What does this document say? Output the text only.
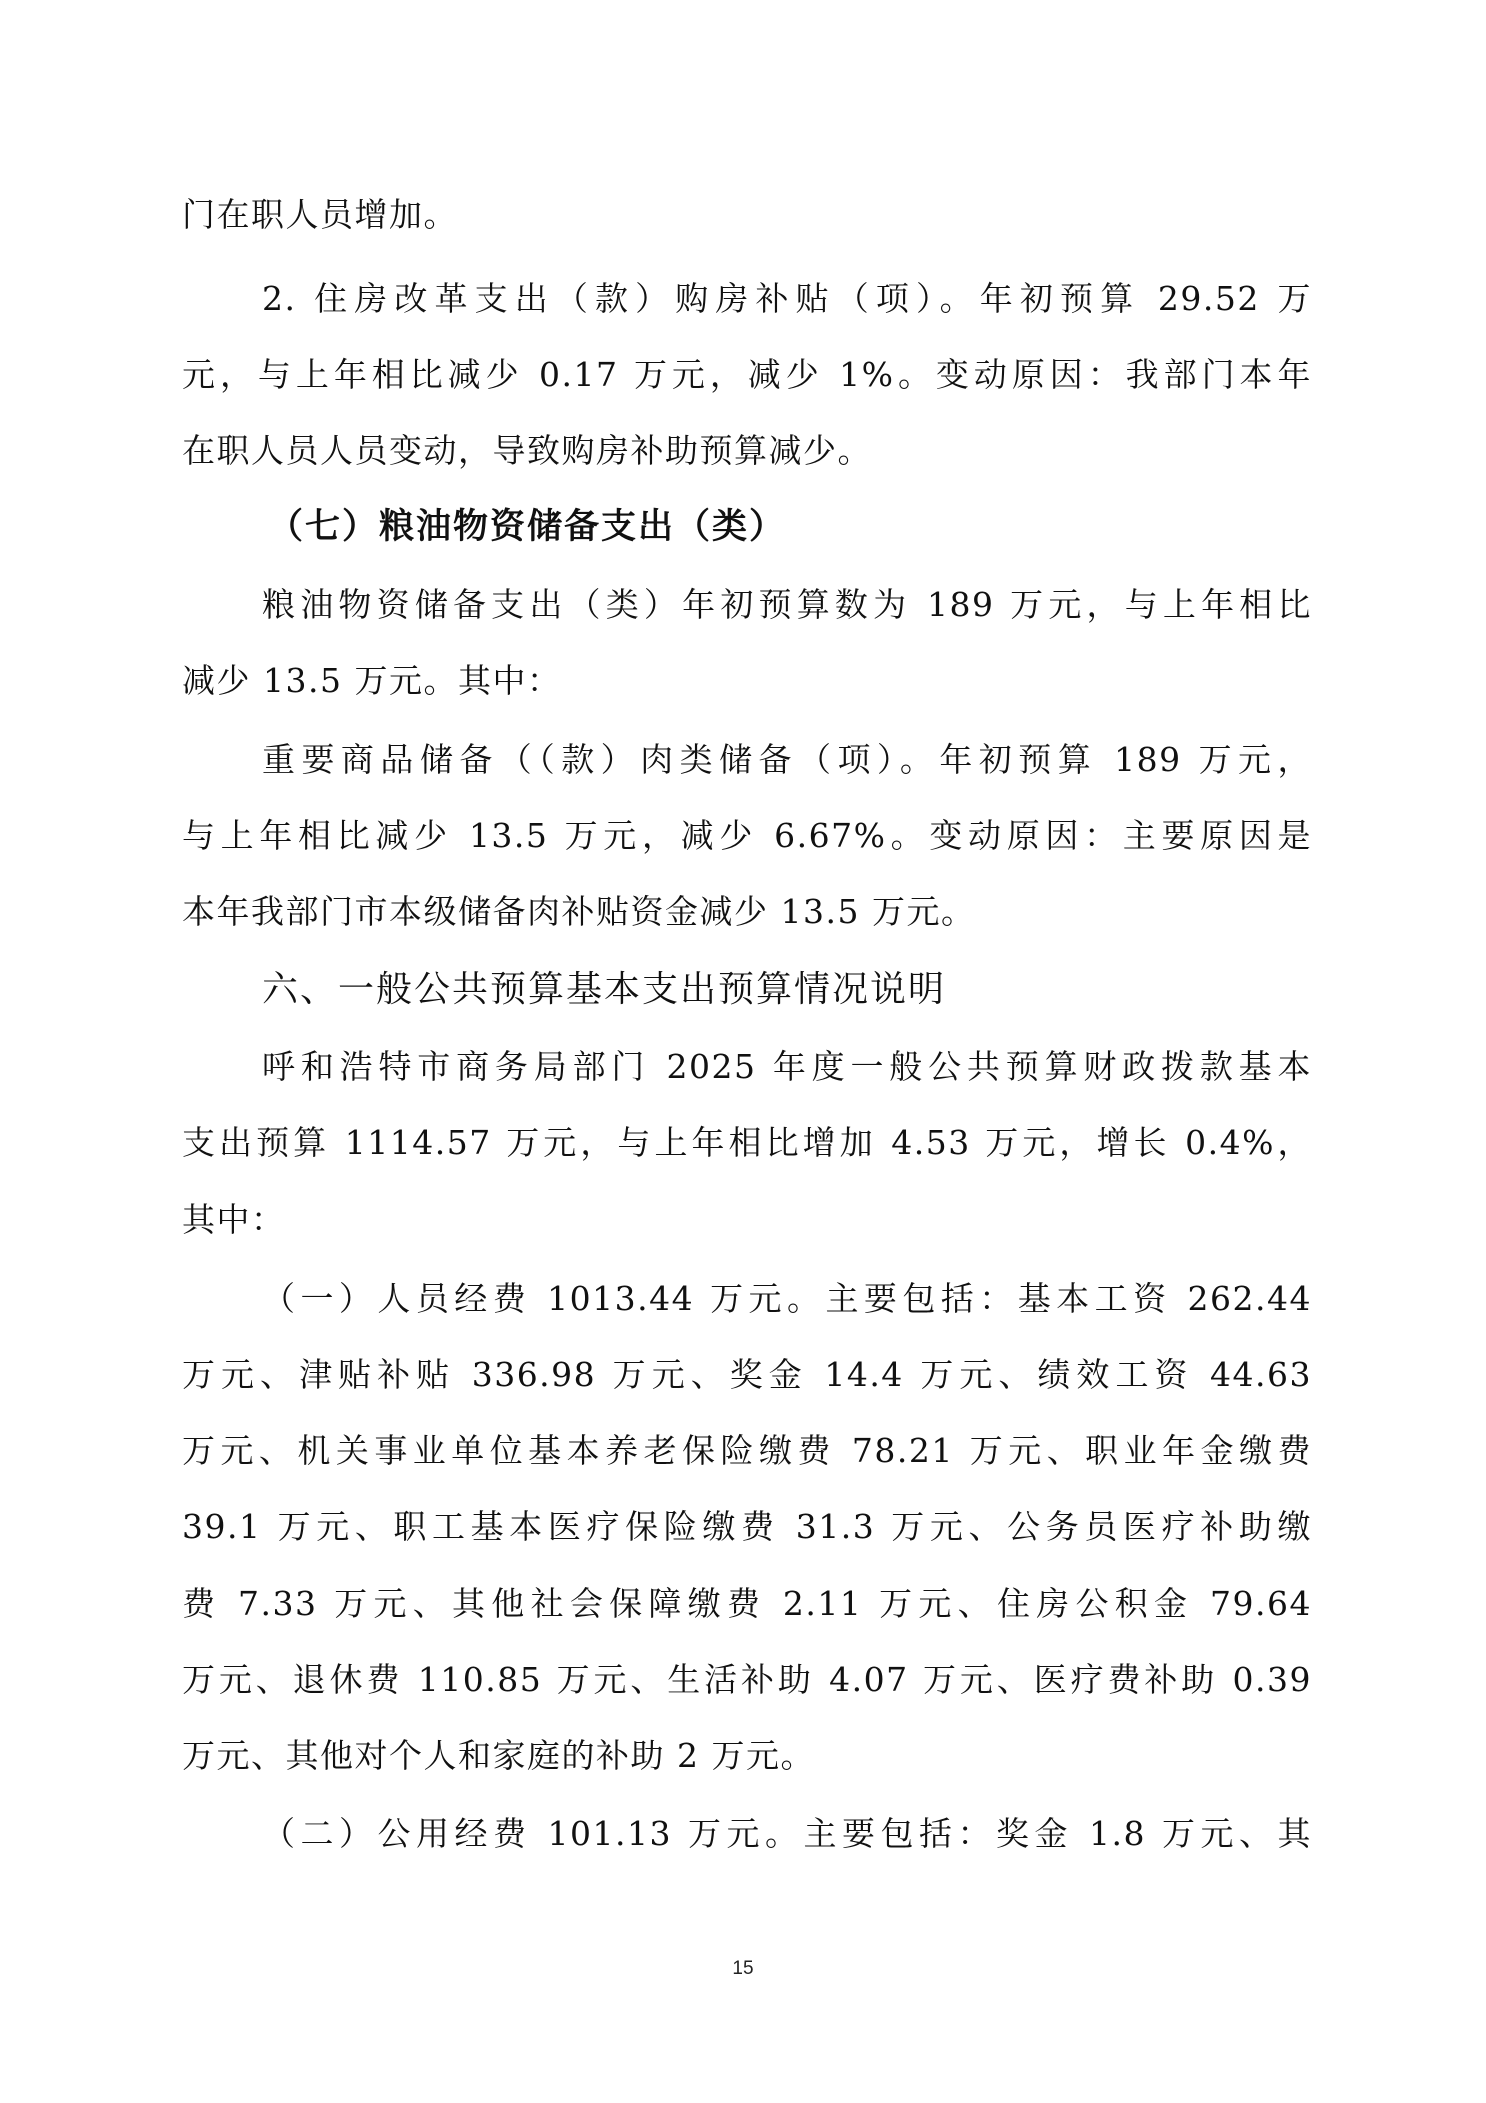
门在职人员增加。
2. 住房改革支出（款）购房补贴（项）。年初预算 29.52 万
元，与上年相比减少 0.17 万元，减少 1%。变动原因：我部门本年
在职人员人员变动，导致购房补助预算减少。
（七）粮油物资储备支出（类）
粮油物资储备支出（类）年初预算数为 189 万元，与上年相比
减少 13.5 万元。其中：
重要商品储备（（款）肉类储备（项）。年初预算 189 万元，
与上年相比减少 13.5 万元，减少 6.67%。变动原因：主要原因是
本年我部门市本级储备肉补贴资金减少 13.5 万元。
六、一般公共预算基本支出预算情况说明
呼和浩特市商务局部门 2025 年度一般公共预算财政拨款基本
支出预算 1114.57 万元，与上年相比增加 4.53 万元，增长 0.4%，
其中：
（一）人员经费 1013.44 万元。主要包括：基本工资 262.44
万元、津贴补贴 336.98 万元、奖金 14.4 万元、绩效工资 44.63
万元、机关事业单位基本养老保险缴费 78.21 万元、职业年金缴费
39.1 万元、职工基本医疗保险缴费 31.3 万元、公务员医疗补助缴
费 7.33 万元、其他社会保障缴费 2.11 万元、住房公积金 79.64
万元、退休费 110.85 万元、生活补助 4.07 万元、医疗费补助 0.39
万元、其他对个人和家庭的补助 2 万元。
（二）公用经费 101.13 万元。主要包括：奖金 1.8 万元、其
15
